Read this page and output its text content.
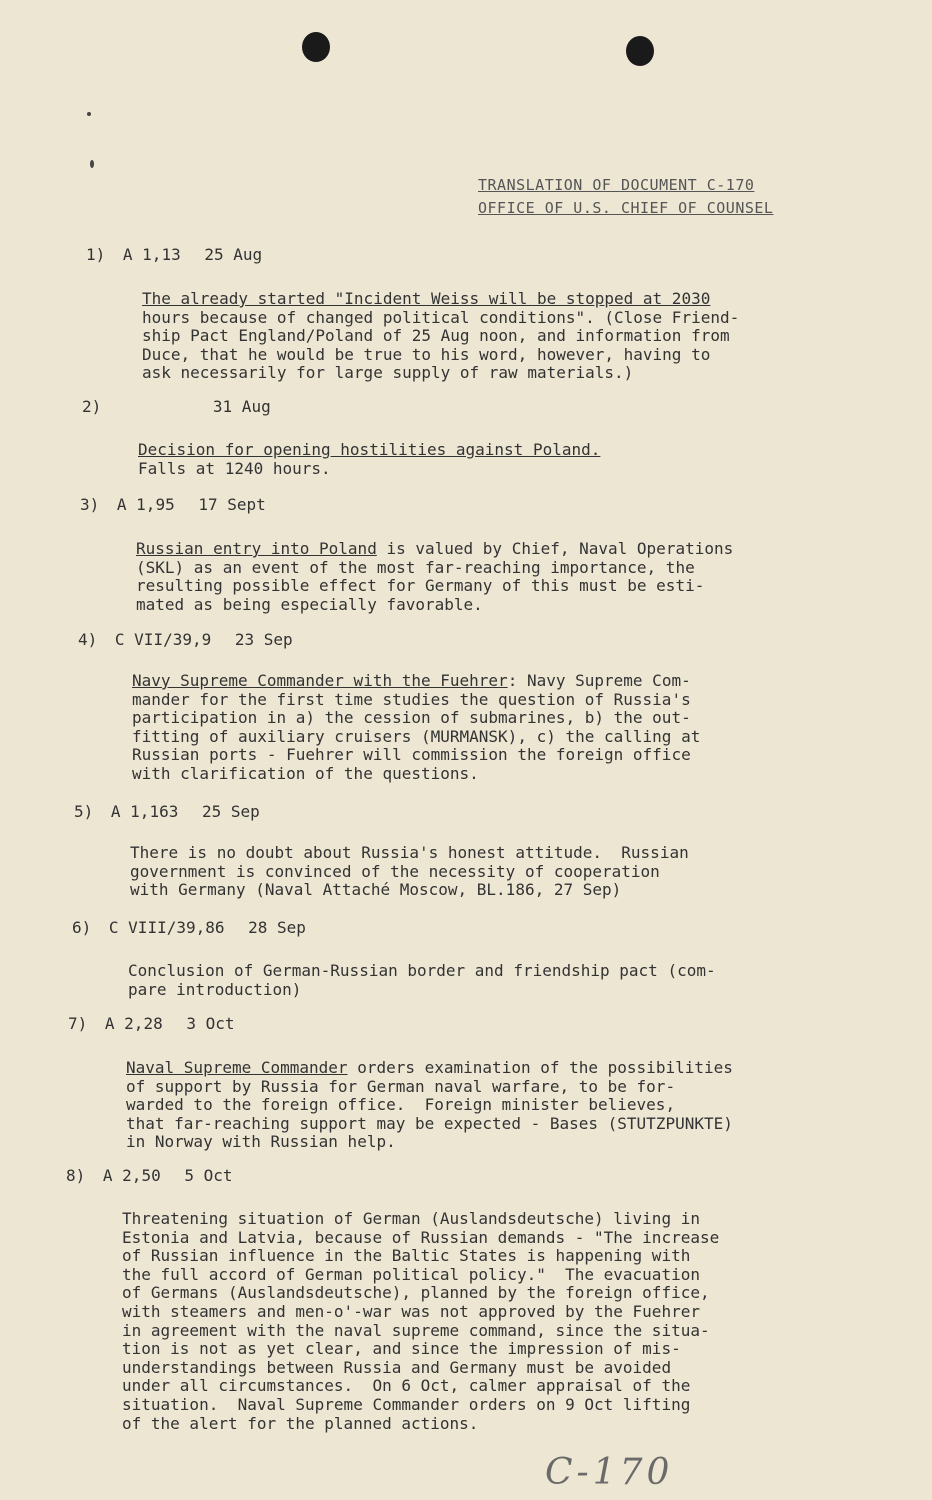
TRANSLATION OF DOCUMENT C-170
OFFICE OF U.S. CHIEF OF COUNSEL
1) A 1,13 25 Aug
The already started "Incident Weiss will be stopped at 2030
hours because of changed political conditions". (Close Friend-
ship Pact England/Poland of 25 Aug noon, and information from
Duce, that he would be true to his word, however, having to
ask necessarily for large supply of raw materials.)
2)	31 Aug
Decision for opening hostilities against Poland.
Falls at 1240 hours.
3) A 1,95 17 Sept
Russian entry into Poland is valued by Chief, Naval Operations
(SKL) as an event of the most far-reaching importance, the
resulting possible effect for Germany of this must be esti-
mated as being especially favorable.
4) C VII/39,9 23 Sep
Navy Supreme Commander with the Fuehrer: Navy Supreme Com-
mander for the first time studies the question of Russia's
participation in a) the cession of submarines, b) the out-
fitting of auxiliary cruisers (MURMANSK), c) the calling at
Russian ports - Fuehrer will commission the foreign office
with clarification of the questions.
5) A 1,163 25 Sep
There is no doubt about Russia's honest attitude.  Russian
government is convinced of the necessity of cooperation
with Germany (Naval Attaché Moscow, BL.186, 27 Sep)
6) C VIII/39,86 28 Sep
Conclusion of German-Russian border and friendship pact (com-
pare introduction)
7) A 2,28 3 Oct
Naval Supreme Commander orders examination of the possibilities
of support by Russia for German naval warfare, to be for-
warded to the foreign office.  Foreign minister believes,
that far-reaching support may be expected - Bases (STUTZPUNKTE)
in Norway with Russian help.
8) A 2,50 5 Oct
Threatening situation of German (Auslandsdeutsche) living in
Estonia and Latvia, because of Russian demands - "The increase
of Russian influence in the Baltic States is happening with
the full accord of German political policy."  The evacuation
of Germans (Auslandsdeutsche), planned by the foreign office,
with steamers and men-o'-war was not approved by the Fuehrer
in agreement with the naval supreme command, since the situa-
tion is not as yet clear, and since the impression of mis-
understandings between Russia and Germany must be avoided
under all circumstances.  On 6 Oct, calmer appraisal of the
situation.  Naval Supreme Commander orders on 9 Oct lifting
of the alert for the planned actions.
C-170
